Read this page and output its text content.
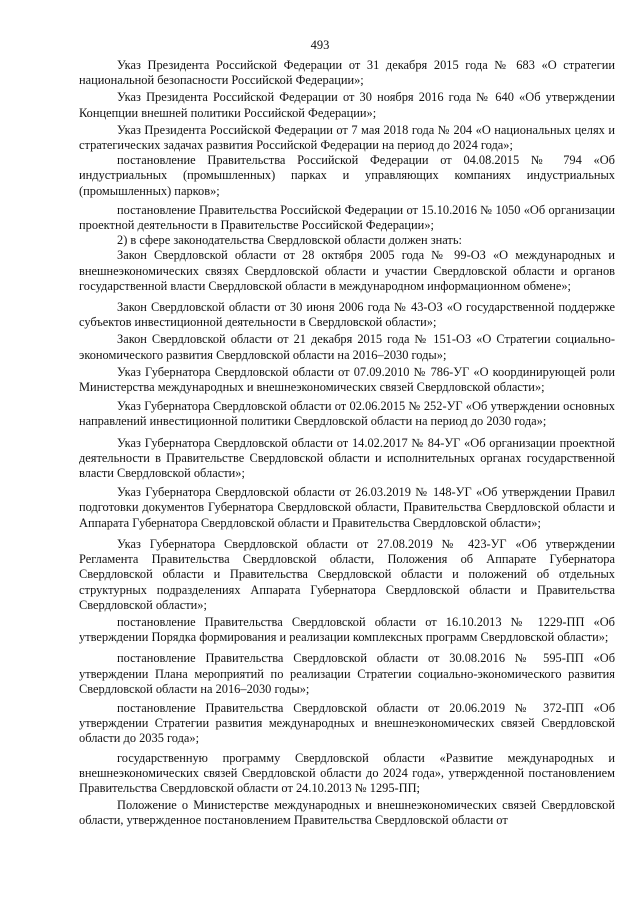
493

Указ Президента Российской Федерации от 31 декабря 2015 года № 683 «О стратегии национальной безопасности Российской Федерации»;

Указ Президента Российской Федерации от 30 ноября 2016 года № 640 «Об утверждении Концепции внешней политики Российской Федерации»;

Указ Президента Российской Федерации от 7 мая 2018 года № 204 «О национальных целях и стратегических задачах развития Российской Федерации на период до 2024 года»;

постановление Правительства Российской Федерации от 04.08.2015 № 794 «Об индустриальных (промышленных) парках и управляющих компаниях индустриальных (промышленных) парков»;

постановление Правительства Российской Федерации от 15.10.2016 № 1050 «Об организации проектной деятельности в Правительстве Российской Федерации»;

2) в сфере законодательства Свердловской области должен знать:

Закон Свердловской области от 28 октября 2005 года № 99-ОЗ «О международных и внешнеэкономических связях Свердловской области и участии Свердловской области и органов государственной власти Свердловской области в международном информационном обмене»;

Закон Свердловской области от 30 июня 2006 года № 43-ОЗ «О государственной поддержке субъектов инвестиционной деятельности в Свердловской области»;

Закон Свердловской области от 21 декабря 2015 года № 151-ОЗ «О Стратегии социально-экономического развития Свердловской области на 2016–2030 годы»;

Указ Губернатора Свердловской области от 07.09.2010 № 786-УГ «О координирующей роли Министерства международных и внешнеэкономических связей Свердловской области»;

Указ Губернатора Свердловской области от 02.06.2015 № 252-УГ «Об утверждении основных направлений инвестиционной политики Свердловской области на период до 2030 года»;

Указ Губернатора Свердловской области от 14.02.2017 № 84-УГ «Об организации проектной деятельности в Правительстве Свердловской области и исполнительных органах государственной власти Свердловской области»;

Указ Губернатора Свердловской области от 26.03.2019 № 148-УГ «Об утверждении Правил подготовки документов Губернатора Свердловской области, Правительства Свердловской области и Аппарата Губернатора Свердловской области и Правительства Свердловской области»;

Указ Губернатора Свердловской области от 27.08.2019 № 423-УГ «Об утверждении Регламента Правительства Свердловской области, Положения об Аппарате Губернатора Свердловской области и Правительства Свердловской области и положений об отдельных структурных подразделениях Аппарата Губернатора Свердловской области и Правительства Свердловской области»;

постановление Правительства Свердловской области от 16.10.2013 № 1229-ПП «Об утверждении Порядка формирования и реализации комплексных программ Свердловской области»;

постановление Правительства Свердловской области от 30.08.2016 № 595-ПП «Об утверждении Плана мероприятий по реализации Стратегии социально-экономического развития Свердловской области на 2016–2030 годы»;

постановление Правительства Свердловской области от 20.06.2019 № 372-ПП «Об утверждении Стратегии развития международных и внешнеэкономических связей Свердловской области до 2035 года»;

государственную программу Свердловской области «Развитие международных и внешнеэкономических связей Свердловской области до 2024 года», утвержденной постановлением Правительства Свердловской области от 24.10.2013 № 1295-ПП;

Положение о Министерстве международных и внешнеэкономических связей Свердловской области, утвержденное постановлением Правительства Свердловской области от
